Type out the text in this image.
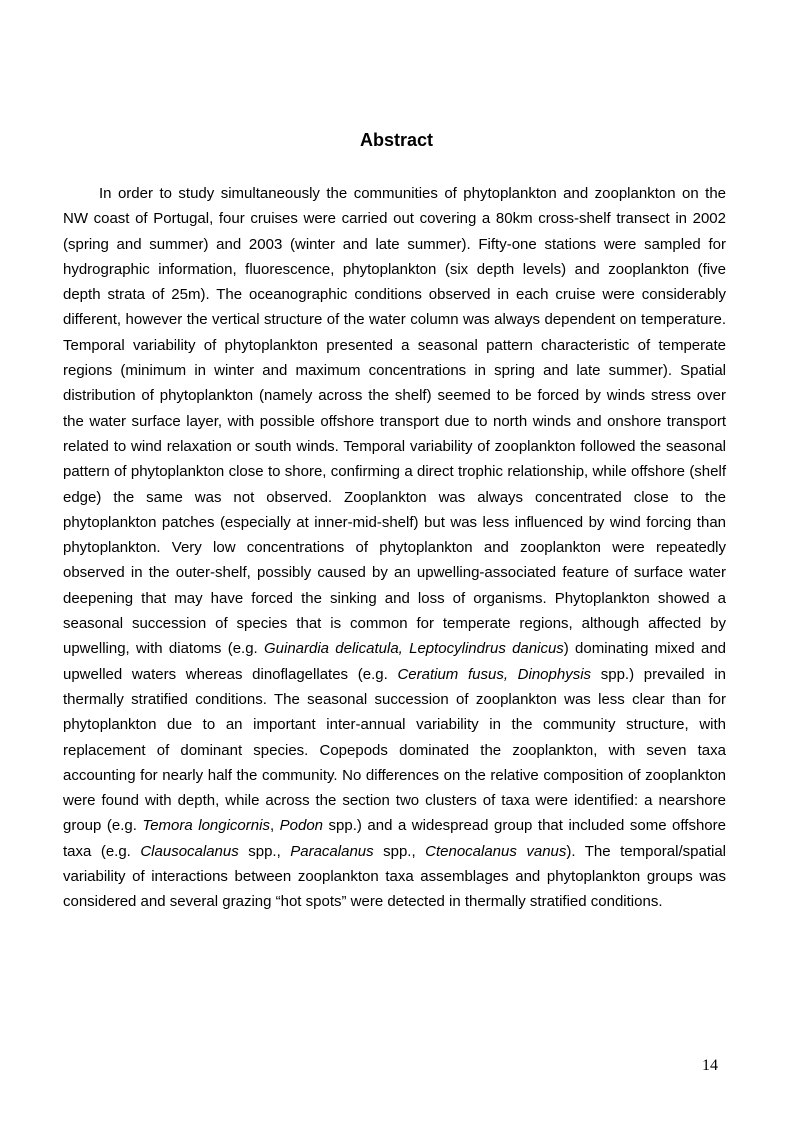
Abstract

In order to study simultaneously the communities of phytoplankton and zooplankton on the NW coast of Portugal, four cruises were carried out covering a 80km cross-shelf transect in 2002 (spring and summer) and 2003 (winter and late summer). Fifty-one stations were sampled for hydrographic information, fluorescence, phytoplankton (six depth levels) and zooplankton (five depth strata of 25m). The oceanographic conditions observed in each cruise were considerably different, however the vertical structure of the water column was always dependent on temperature. Temporal variability of phytoplankton presented a seasonal pattern characteristic of temperate regions (minimum in winter and maximum concentrations in spring and late summer). Spatial distribution of phytoplankton (namely across the shelf) seemed to be forced by winds stress over the water surface layer, with possible offshore transport due to north winds and onshore transport related to wind relaxation or south winds. Temporal variability of zooplankton followed the seasonal pattern of phytoplankton close to shore, confirming a direct trophic relationship, while offshore (shelf edge) the same was not observed. Zooplankton was always concentrated close to the phytoplankton patches (especially at inner-mid-shelf) but was less influenced by wind forcing than phytoplankton. Very low concentrations of phytoplankton and zooplankton were repeatedly observed in the outer-shelf, possibly caused by an upwelling-associated feature of surface water deepening that may have forced the sinking and loss of organisms. Phytoplankton showed a seasonal succession of species that is common for temperate regions, although affected by upwelling, with diatoms (e.g. Guinardia delicatula, Leptocylindrus danicus) dominating mixed and upwelled waters whereas dinoflagellates (e.g. Ceratium fusus, Dinophysis spp.) prevailed in thermally stratified conditions. The seasonal succession of zooplankton was less clear than for phytoplankton due to an important inter-annual variability in the community structure, with replacement of dominant species. Copepods dominated the zooplankton, with seven taxa accounting for nearly half the community. No differences on the relative composition of zooplankton were found with depth, while across the section two clusters of taxa were identified: a nearshore group (e.g. Temora longicornis, Podon spp.) and a widespread group that included some offshore taxa (e.g. Clausocalanus spp., Paracalanus spp., Ctenocalanus vanus). The temporal/spatial variability of interactions between zooplankton taxa assemblages and phytoplankton groups was considered and several grazing “hot spots” were detected in thermally stratified conditions.

14
